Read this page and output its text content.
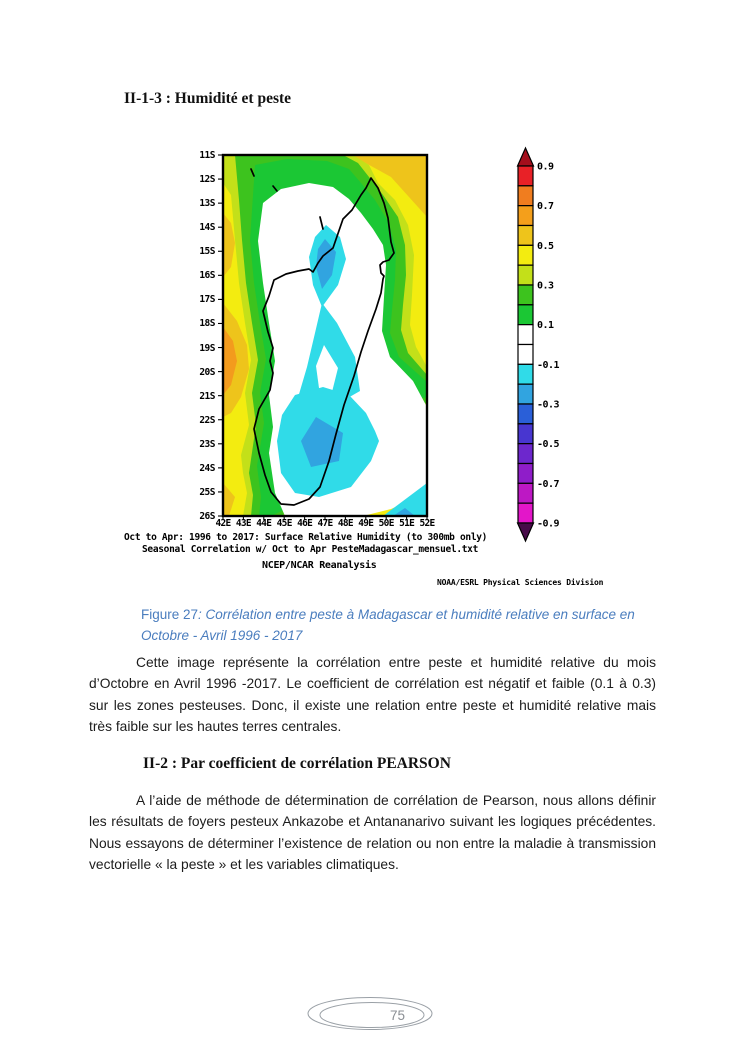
II-1-3 : Humidité et peste
11S
12S
13S
14S
15S
16S
17S
18S
19S
20S
21S
22S
23S
24S
25S
26S
42E 43E 44E 45E 46E 47E 48E 49E 50E 51E 52E
0.9
0.7
0.5
0.3
0.1
-0.1
-0.3
-0.5
-0.7
-0.9
Oct to Apr: 1996 to 2017: Surface Relative Humidity (to 300mb only)
Seasonal Correlation w/ Oct to Apr PesteMadagascar_mensuel.txt
NCEP/NCAR Reanalysis
NOAA/ESRL Physical Sciences Division
Figure 27: Corrélation entre peste à Madagascar et humidité relative en surface en Octobre - Avril 1996 - 2017
Cette image représente la corrélation entre peste et humidité relative du mois d’Octobre en Avril 1996 -2017. Le coefficient de corrélation est négatif et faible (0.1 à 0.3) sur les zones pesteuses. Donc, il existe une relation entre peste et humidité relative mais très faible sur les hautes terres centrales.
II-2 : Par coefficient de corrélation PEARSON
A l’aide de méthode de détermination de corrélation de Pearson, nous allons définir les résultats de foyers pesteux Ankazobe et Antananarivo suivant les logiques précédentes. Nous essayons de déterminer l’existence de relation ou non entre la maladie à transmission vectorielle « la peste » et les variables climatiques.
75
